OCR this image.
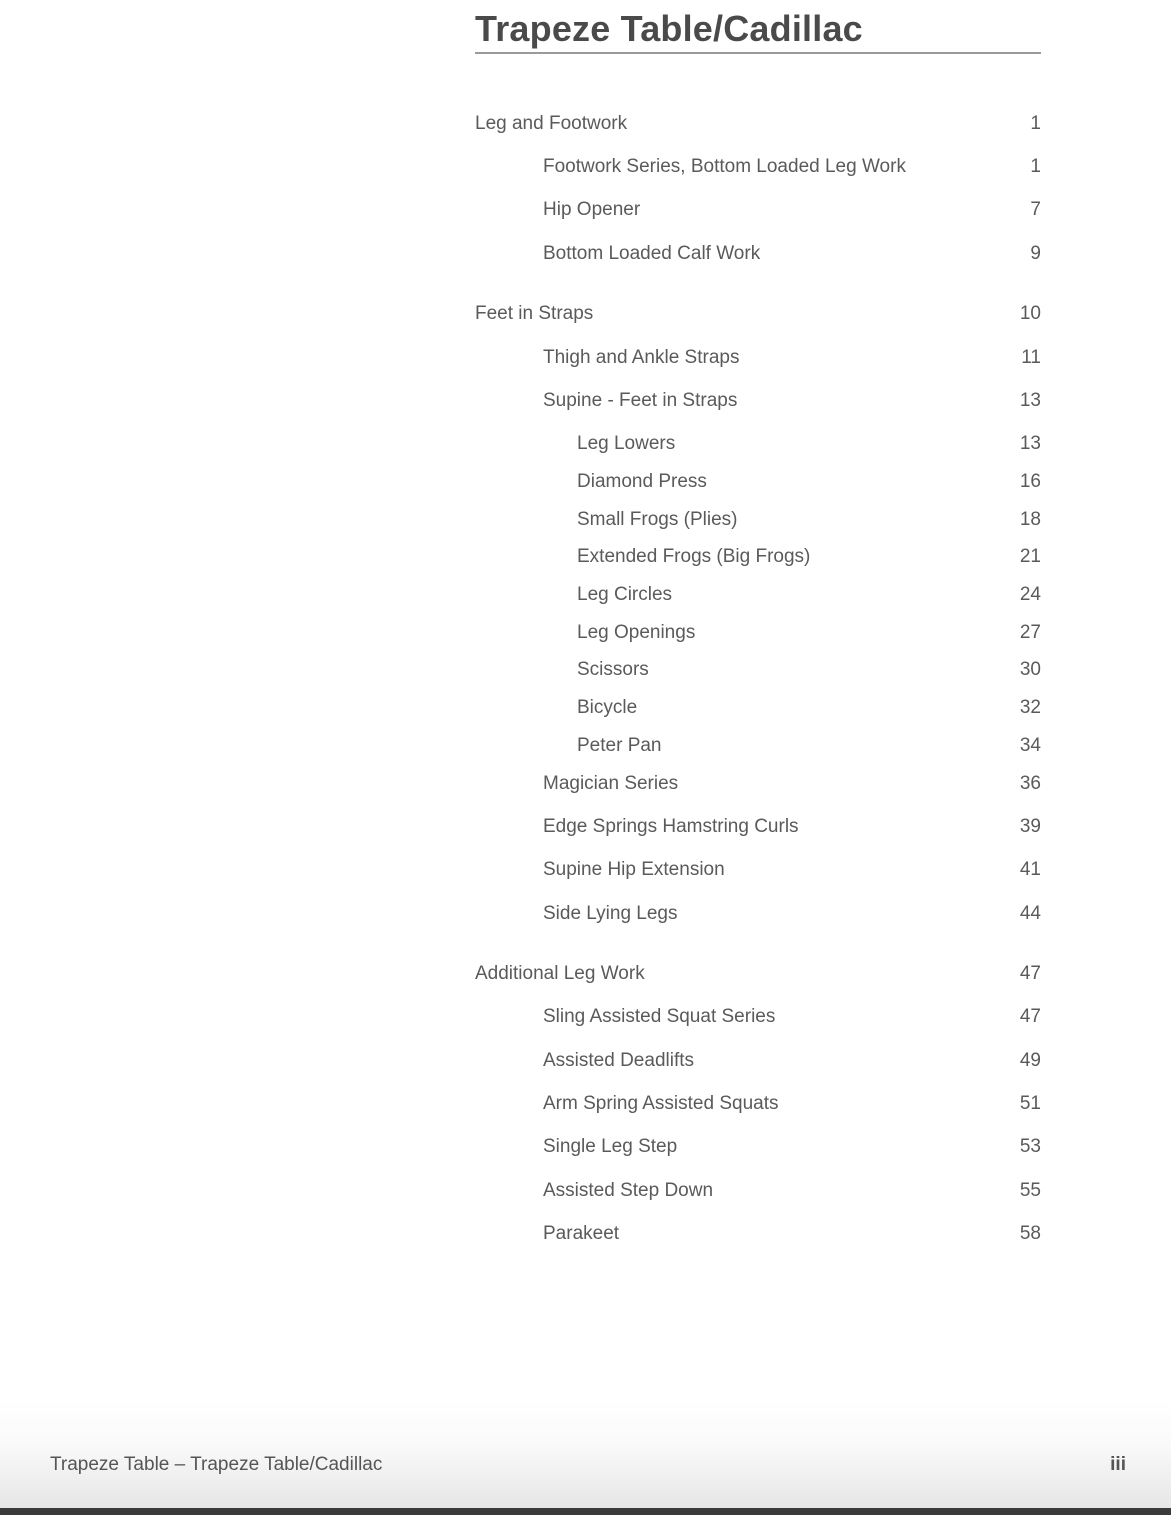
Trapeze Table/Cadillac
Leg and Footwork	1
Footwork Series, Bottom Loaded Leg Work	1
Hip Opener	7
Bottom Loaded Calf Work	9
Feet in Straps	10
Thigh and Ankle Straps	11
Supine - Feet in Straps	13
Leg Lowers	13
Diamond Press	16
Small Frogs (Plies)	18
Extended Frogs (Big Frogs)	21
Leg Circles	24
Leg Openings	27
Scissors	30
Bicycle	32
Peter Pan	34
Magician Series	36
Edge Springs Hamstring Curls	39
Supine Hip Extension	41
Side Lying Legs	44
Additional Leg Work	47
Sling Assisted Squat Series	47
Assisted Deadlifts	49
Arm Spring Assisted Squats	51
Single Leg Step	53
Assisted Step Down	55
Parakeet	58
Trapeze Table – Trapeze Table/Cadillac	iii
